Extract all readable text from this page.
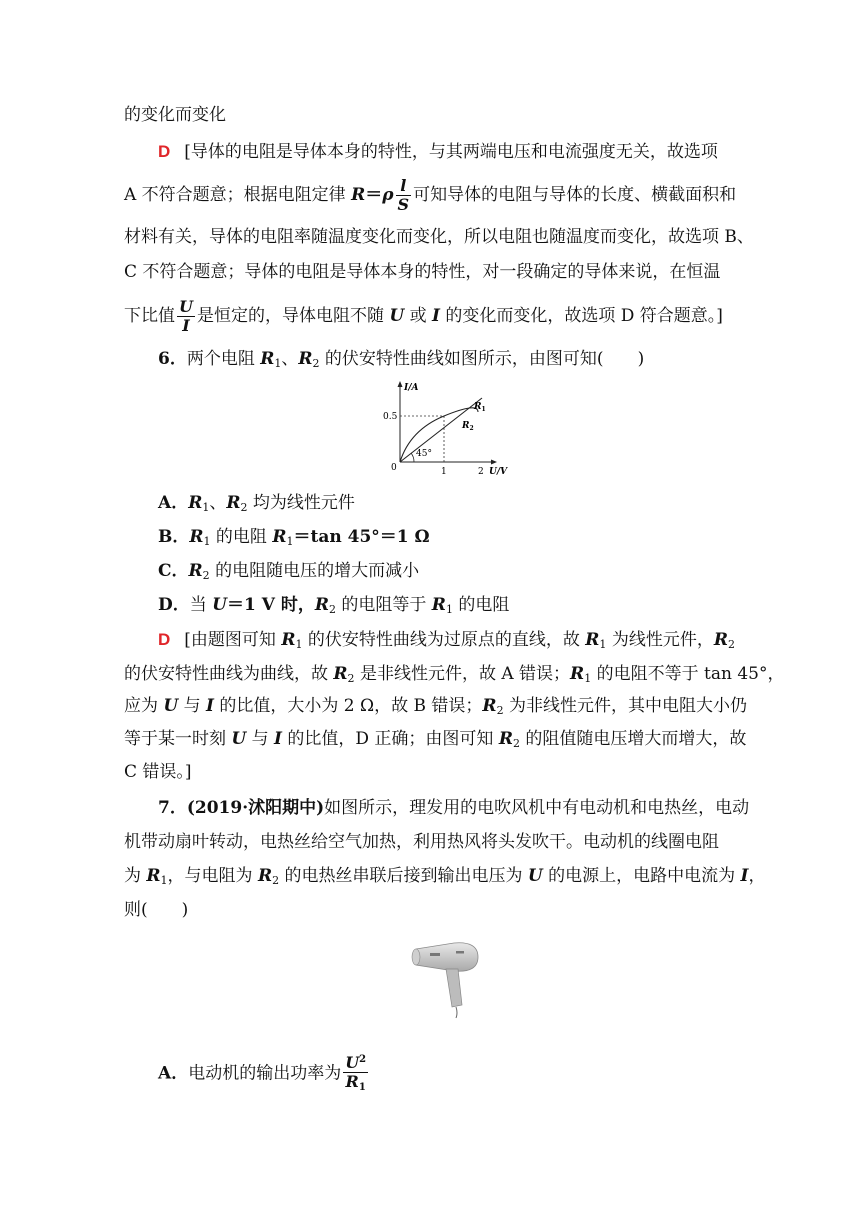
的变化而变化
D [导体的电阻是导体本身的特性，与其两端电压和电流强度无关，故选项
A 不符合题意；根据电阻定律 $R=\rho \frac{l}{S}$ 可知导体的电阻与导体的长度、横截面积和
材料有关，导体的电阻率随温度变化而变化，所以电阻也随温度而变化，故选项 B、
C 不符合题意；导体的电阻是导体本身的特性，对一段确定的导体来说，在恒温
下比值 $\frac{U}{I}$ 是恒定的，导体电阻不随 U 或 I 的变化而变化，故选项 D 符合题意。]
6．两个电阻 $R_1$、$R_2$ 的伏安特性曲线如图所示，由图可知(　　)
I/A
U/V
0
0.5
1	2
45°
$R_1$
$R_2$
A．$R_1$、$R_2$ 均为线性元件
B．$R_1$ 的电阻 $R_1=\tan$ 45°＝1 Ω
C．$R_2$ 的电阻随电压的增大而减小
D．当 U＝1 V 时，$R_2$ 的电阻等于 $R_1$ 的电阻
D [由题图可知 $R_1$ 的伏安特性曲线为过原点的直线，故 $R_1$ 为线性元件，$R_2$
的伏安特性曲线为曲线，故 $R_2$ 是非线性元件，故 A 错误；$R_1$ 的电阻不等于 tan 45°，
应为 U 与 I 的比值，大小为 2 Ω，故 B 错误；$R_2$ 为非线性元件，其中电阻大小仍
等于某一时刻 U 与 I 的比值，D 正确；由图可知 $R_2$ 的阻值随电压增大而增大，故
C 错误。]
7．(2019·沭阳期中)如图所示，理发用的电吹风机中有电动机和电热丝，电动
机带动扇叶转动，电热丝给空气加热，利用热风将头发吹干。电动机的线圈电阻
为 $R_1$，与电阻为 $R_2$ 的电热丝串联后接到输出电压为 U 的电源上，电路中电流为 I，
则(　　)
A．电动机的输出功率为 $\frac{U^2}{R_1}$
